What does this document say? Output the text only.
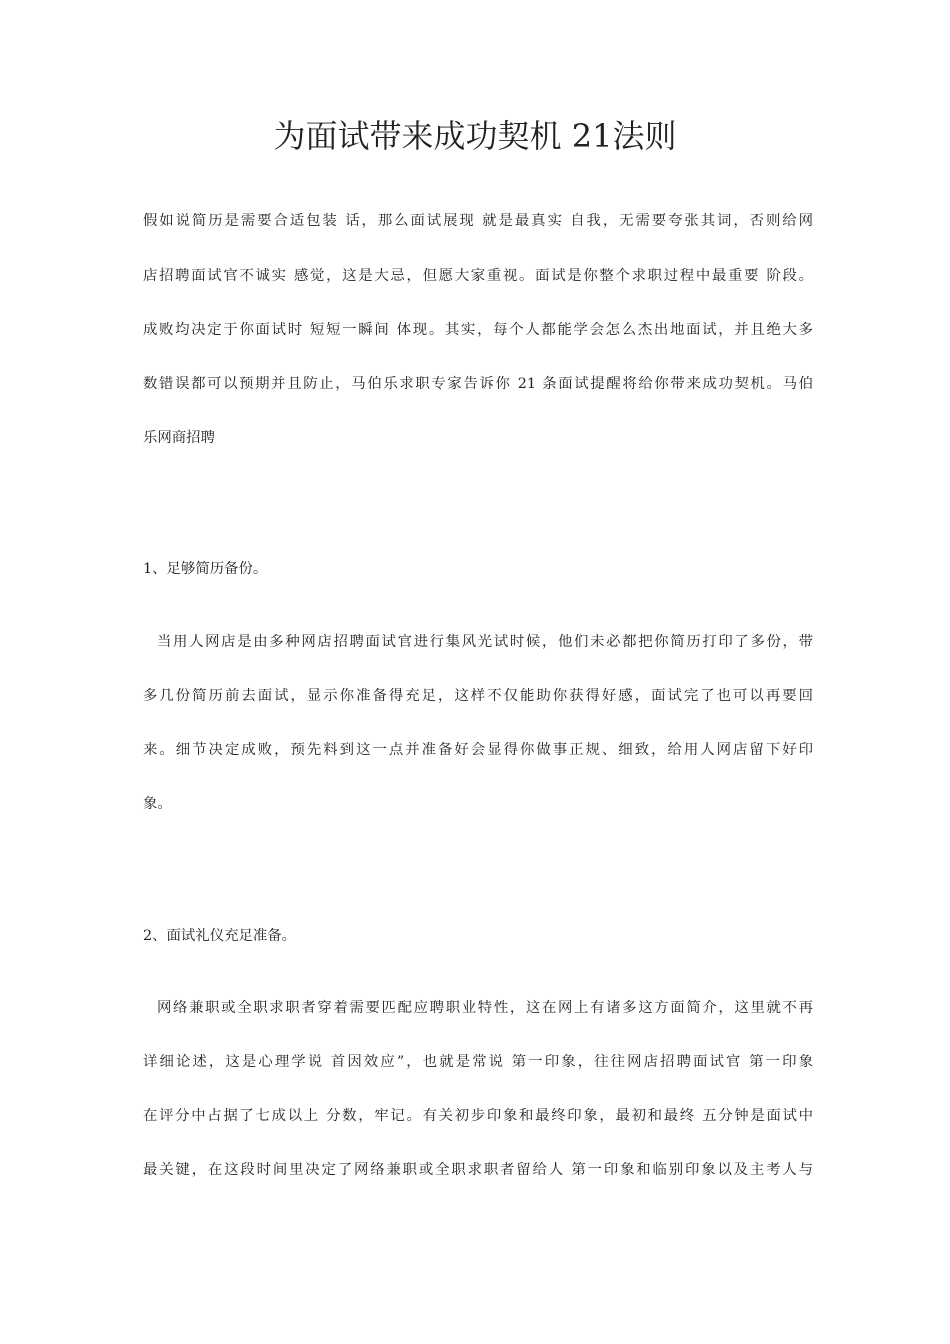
为面试带来成功契机 21法则
假如说简历是需要合适包装 话，那么面试展现 就是最真实 自我，无需要夸张其词，否则给网
店招聘面试官不诚实 感觉，这是大忌，但愿大家重视。面试是你整个求职过程中最重要 阶段。
成败均决定于你面试时 短短一瞬间 体现。其实，每个人都能学会怎么杰出地面试，并且绝大多
数错误都可以预期并且防止，马伯乐求职专家告诉你 21 条面试提醒将给你带来成功契机。马伯
乐网商招聘
1、足够简历备份。
当用人网店是由多种网店招聘面试官进行集风光试时候，他们未必都把你简历打印了多份，带
多几份简历前去面试，显示你准备得充足，这样不仅能助你获得好感，面试完了也可以再要回
来。细节决定成败，预先料到这一点并准备好会显得你做事正规、细致，给用人网店留下好印
象。
2、面试礼仪充足准备。
网络兼职或全职求职者穿着需要匹配应聘职业特性，这在网上有诸多这方面简介，这里就不再
详细论述，这是心理学说 首因效应”，也就是常说 第一印象，往往网店招聘面试官 第一印象
在评分中占据了七成以上 分数，牢记。有关初步印象和最终印象，最初和最终 五分钟是面试中
最关键，在这段时间里决定了网络兼职或全职求职者留给人 第一印象和临别印象以及主考人与
